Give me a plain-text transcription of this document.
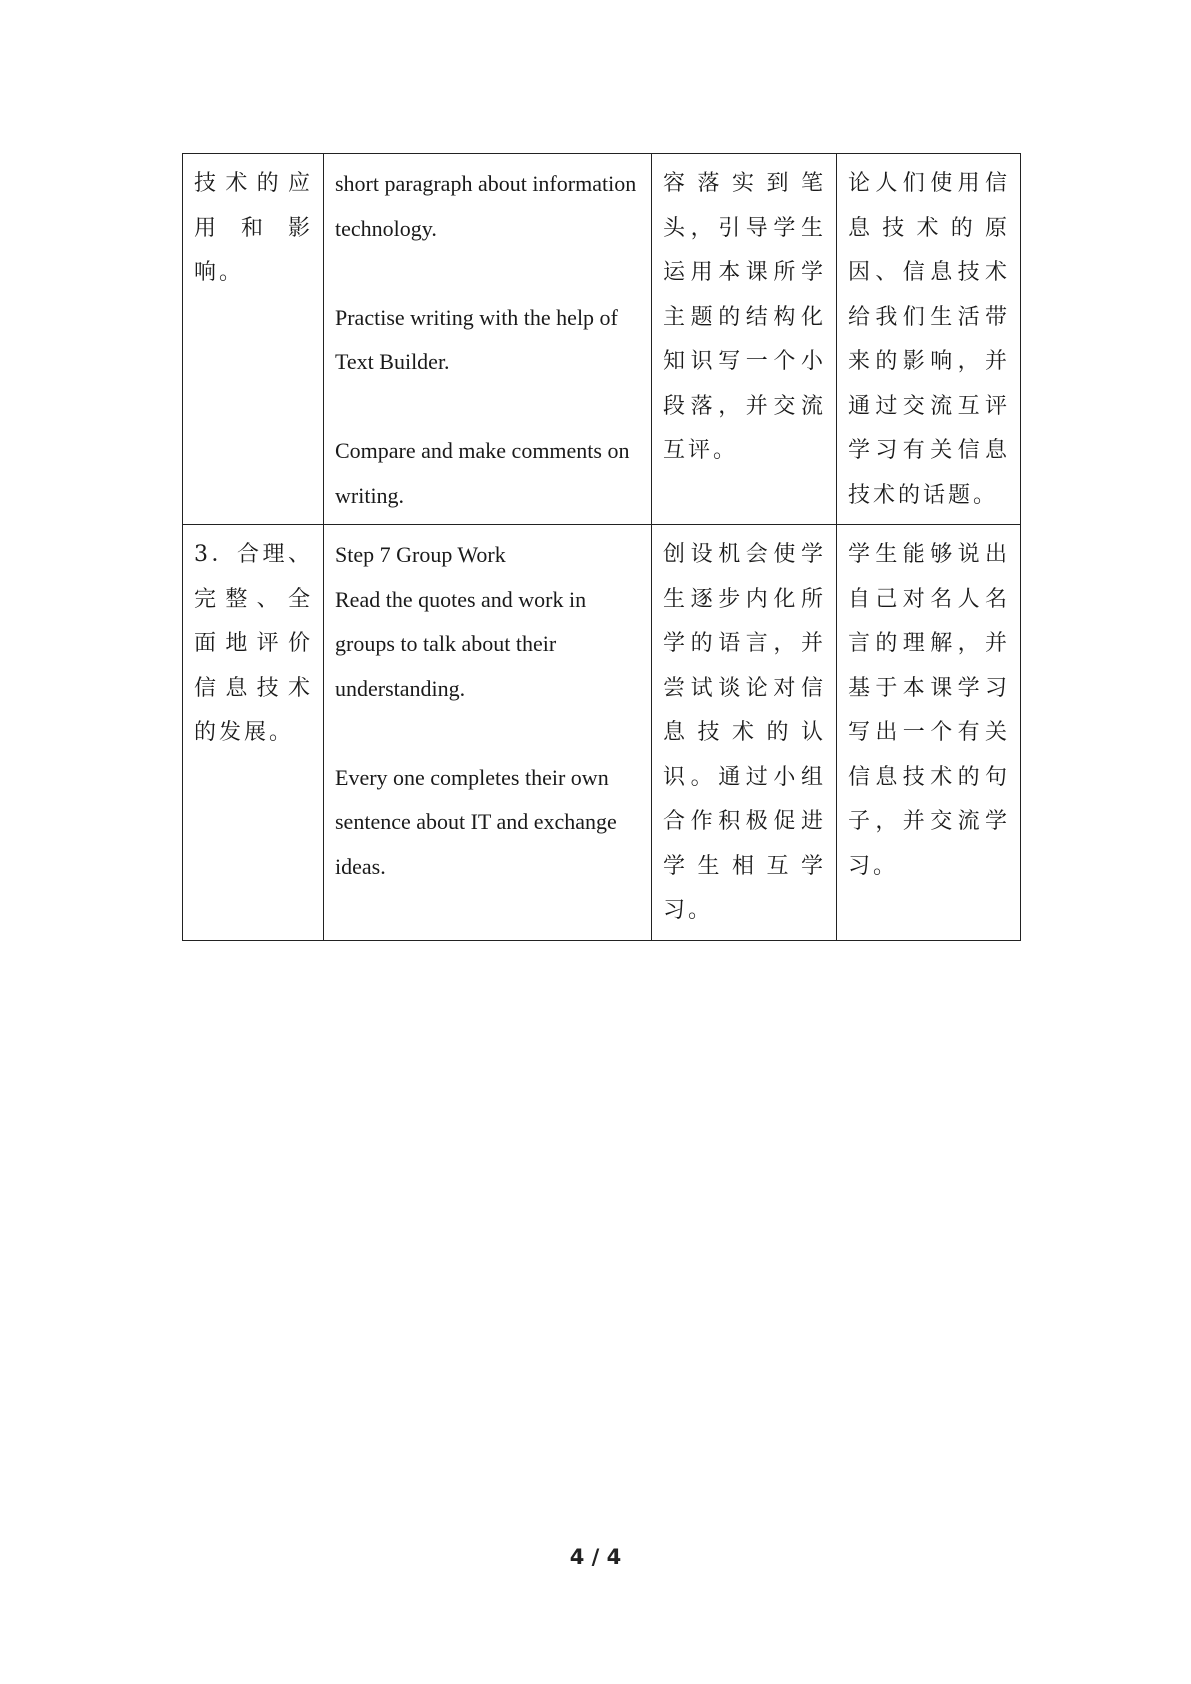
技术的应用和影响。	short paragraph about information technology.

Practise writing with the help of Text Builder.

Compare and make comments on writing.	容落实到笔头，引导学生运用本课所学主题的结构化知识写一个小段落，并交流互评。	论人们使用信息技术的原因、信息技术给我们生活带来的影响，并通过交流互评学习有关信息技术的话题。

3．合理、完整、全面地评价信息技术的发展。	Step 7 Group Work
Read the quotes and work in groups to talk about their understanding.

Every one completes their own sentence about IT and exchange ideas.	创设机会使学生逐步内化所学的语言，并尝试谈论对信息技术的认识。通过小组合作积极促进学生相互学习。	学生能够说出自己对名人名言的理解，并基于本课学习写出一个有关信息技术的句子，并交流学习。
4 / 4
